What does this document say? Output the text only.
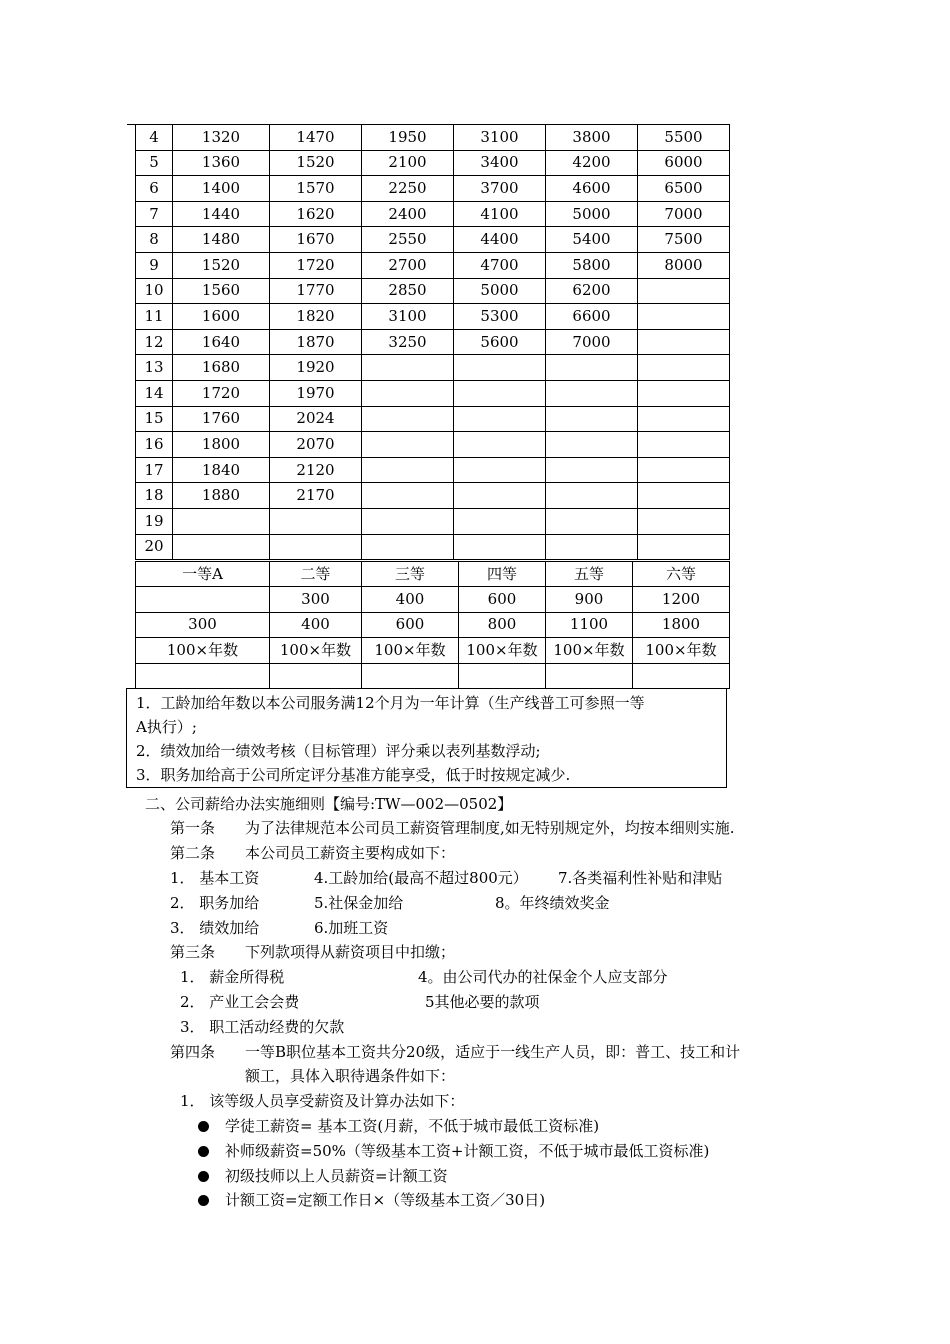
4	1320	1470	1950	3100	3800	5500
5	1360	1520	2100	3400	4200	6000
6	1400	1570	2250	3700	4600	6500
7	1440	1620	2400	4100	5000	7000
8	1480	1670	2550	4400	5400	7500
9	1520	1720	2700	4700	5800	8000
10	1560	1770	2850	5000	6200	
11	1600	1820	3100	5300	6600	
12	1640	1870	3250	5600	7000	
13	1680	1920				
14	1720	1970				
15	1760	2024				
16	1800	2070				
17	1840	2120				
18	1880	2170				
19						
20						
一等A	二等	三等	四等	五等	六等
	300	400	600	900	1200
300	400	600	800	1100	1800
100×年数	100×年数	100×年数	100×年数	100×年数	100×年数

1．工龄加给年数以本公司服务满12个月为一年计算（生产线普工可参照一等

A执行）;

2．绩效加给一绩效考核（目标管理）评分乘以表列基数浮动;

3．职务加给高于公司所定评分基准方能享受，低于时按规定减少.

二、公司薪给办法实施细则【编号:TW—002—0502】
第一条 为了法律规范本公司员工薪资管理制度,如无特别规定外，均按本细则实施.
第二条 本公司员工薪资主要构成如下：
1． 基本工资	4.工龄加给(最高不超过800元） 7.各类福利性补贴和津贴
2． 职务加给	5.社保金加给	8。年终绩效奖金
3． 绩效加给	6.加班工资
第三条 下列款项得从薪资项目中扣缴；
1． 薪金所得税	4。由公司代办的社保金个人应支部分
2． 产业工会会费	5其他必要的款项
3． 职工活动经费的欠款
第四条 一等B职位基本工资共分20级，适应于一线生产人员，即：普工、技工和计
额工，具体入职待遇条件如下：
1． 该等级人员享受薪资及计算办法如下：
学徒工薪资= 基本工资(月薪，不低于城市最低工资标准)
补师级薪资=50%（等级基本工资+计额工资，不低于城市最低工资标准)
初级技师以上人员薪资=计额工资
计额工资=定额工作日×（等级基本工资／30日)
